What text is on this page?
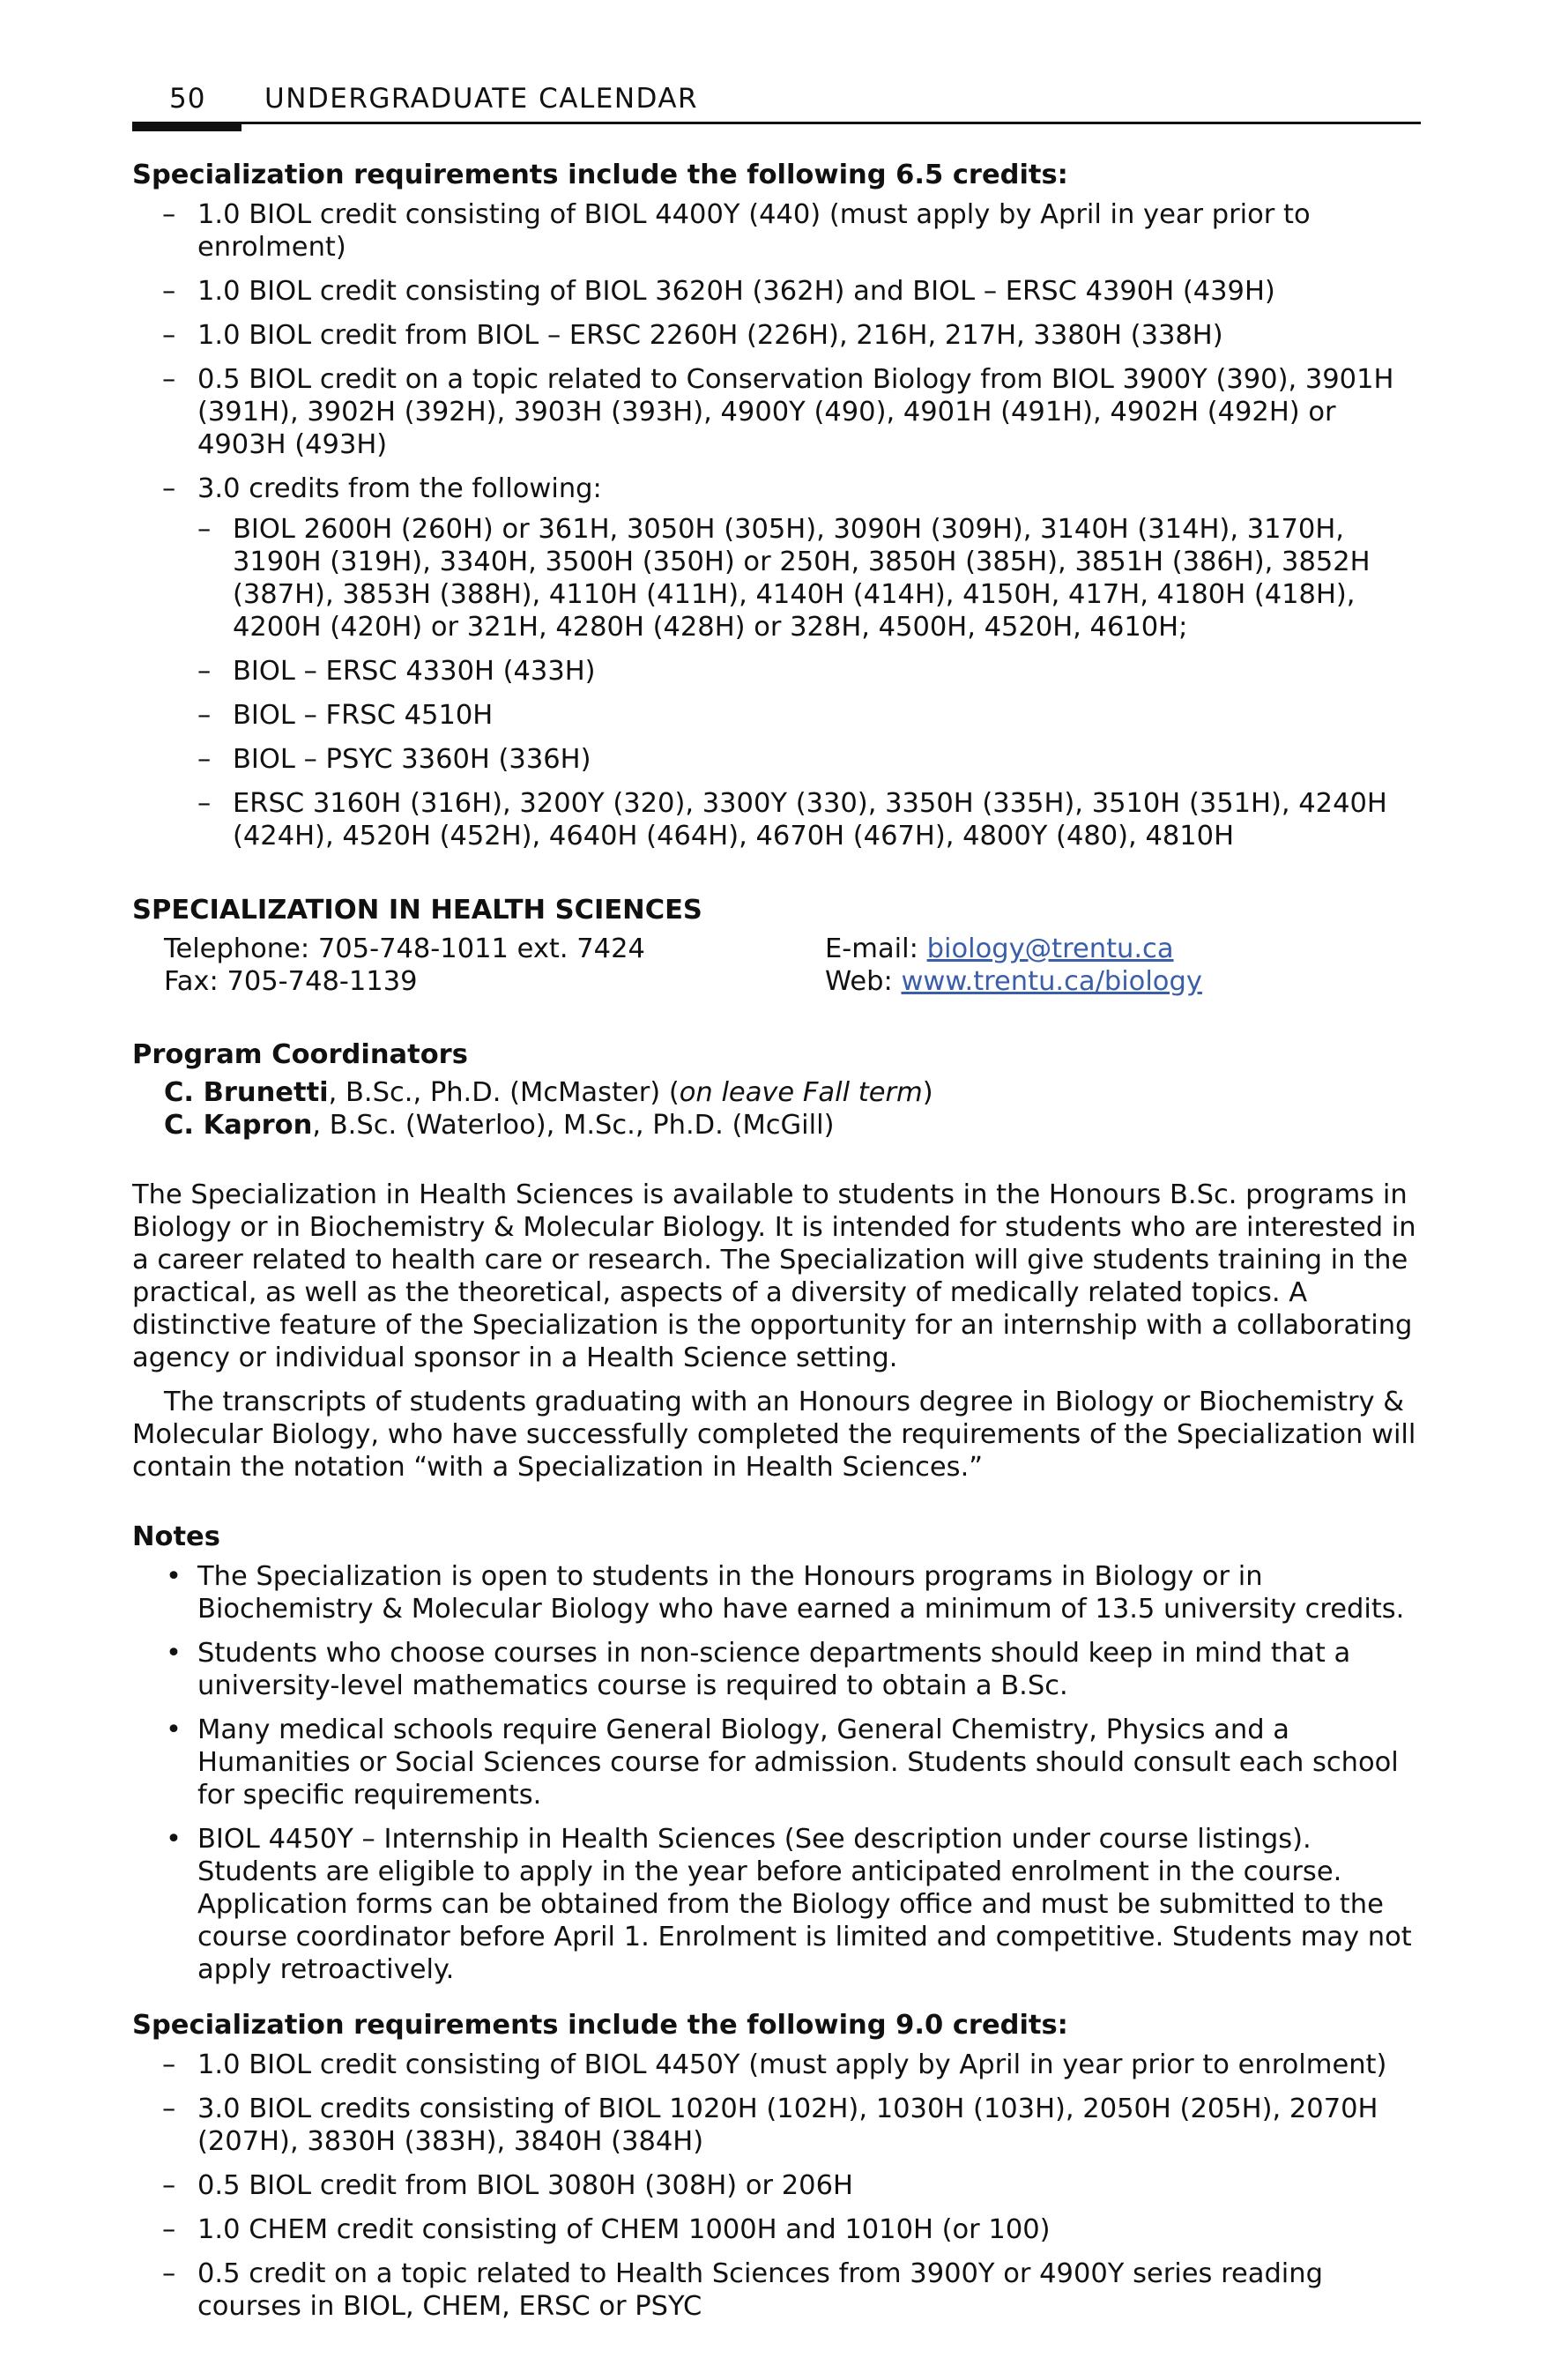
50 UNDERGRADUATE CALENDAR

Specialization requirements include the following 6.5 credits:

– 1.0 BIOL credit consisting of BIOL 4400Y (440) (must apply by April in year prior to enrolment)
– 1.0 BIOL credit consisting of BIOL 3620H (362H) and BIOL – ERSC 4390H (439H)
– 1.0 BIOL credit from BIOL – ERSC 2260H (226H), 216H, 217H, 3380H (338H)
– 0.5 BIOL credit on a topic related to Conservation Biology from BIOL 3900Y (390), 3901H (391H), 3902H (392H), 3903H (393H), 4900Y (490), 4901H (491H), 4902H (492H) or 4903H (493H)
– 3.0 credits from the following:
– BIOL 2600H (260H) or 361H, 3050H (305H), 3090H (309H), 3140H (314H), 3170H, 3190H (319H), 3340H, 3500H (350H) or 250H, 3850H (385H), 3851H (386H), 3852H (387H), 3853H (388H), 4110H (411H), 4140H (414H), 4150H, 417H, 4180H (418H), 4200H (420H) or 321H, 4280H (428H) or 328H, 4500H, 4520H, 4610H;
– BIOL – ERSC 4330H (433H)
– BIOL – FRSC 4510H
– BIOL – PSYC 3360H (336H)
– ERSC 3160H (316H), 3200Y (320), 3300Y (330), 3350H (335H), 3510H (351H), 4240H (424H), 4520H (452H), 4640H (464H), 4670H (467H), 4800Y (480), 4810H

SPECIALIZATION IN HEALTH SCIENCES

Telephone: 705-748-1011 ext. 7424
Fax: 705-748-1139
E-mail: biology@trentu.ca
Web: www.trentu.ca/biology

Program Coordinators

C. Brunetti, B.Sc., Ph.D. (McMaster) (on leave Fall term)
C. Kapron, B.Sc. (Waterloo), M.Sc., Ph.D. (McGill)

The Specialization in Health Sciences is available to students in the Honours B.Sc. programs in Biology or in Biochemistry & Molecular Biology. It is intended for students who are interested in a career related to health care or research. The Specialization will give students training in the practical, as well as the theoretical, aspects of a diversity of medically related topics. A distinctive feature of the Specialization is the opportunity for an internship with a collaborating agency or individual sponsor in a Health Science setting.

The transcripts of students graduating with an Honours degree in Biology or Biochemistry & Molecular Biology, who have successfully completed the requirements of the Specialization will contain the notation “with a Specialization in Health Sciences.”

Notes

• The Specialization is open to students in the Honours programs in Biology or in Biochemistry & Molecular Biology who have earned a minimum of 13.5 university credits.
• Students who choose courses in non-science departments should keep in mind that a university-level mathematics course is required to obtain a B.Sc.
• Many medical schools require General Biology, General Chemistry, Physics and a Humanities or Social Sciences course for admission. Students should consult each school for specific requirements.
• BIOL 4450Y – Internship in Health Sciences (See description under course listings). Students are eligible to apply in the year before anticipated enrolment in the course. Application forms can be obtained from the Biology office and must be submitted to the course coordinator before April 1. Enrolment is limited and competitive. Students may not apply retroactively.

Specialization requirements include the following 9.0 credits:

– 1.0 BIOL credit consisting of BIOL 4450Y (must apply by April in year prior to enrolment)
– 3.0 BIOL credits consisting of BIOL 1020H (102H), 1030H (103H), 2050H (205H), 2070H (207H), 3830H (383H), 3840H (384H)
– 0.5 BIOL credit from BIOL 3080H (308H) or 206H
– 1.0 CHEM credit consisting of CHEM 1000H and 1010H (or 100)
– 0.5 credit on a topic related to Health Sciences from 3900Y or 4900Y series reading courses in BIOL, CHEM, ERSC or PSYC
